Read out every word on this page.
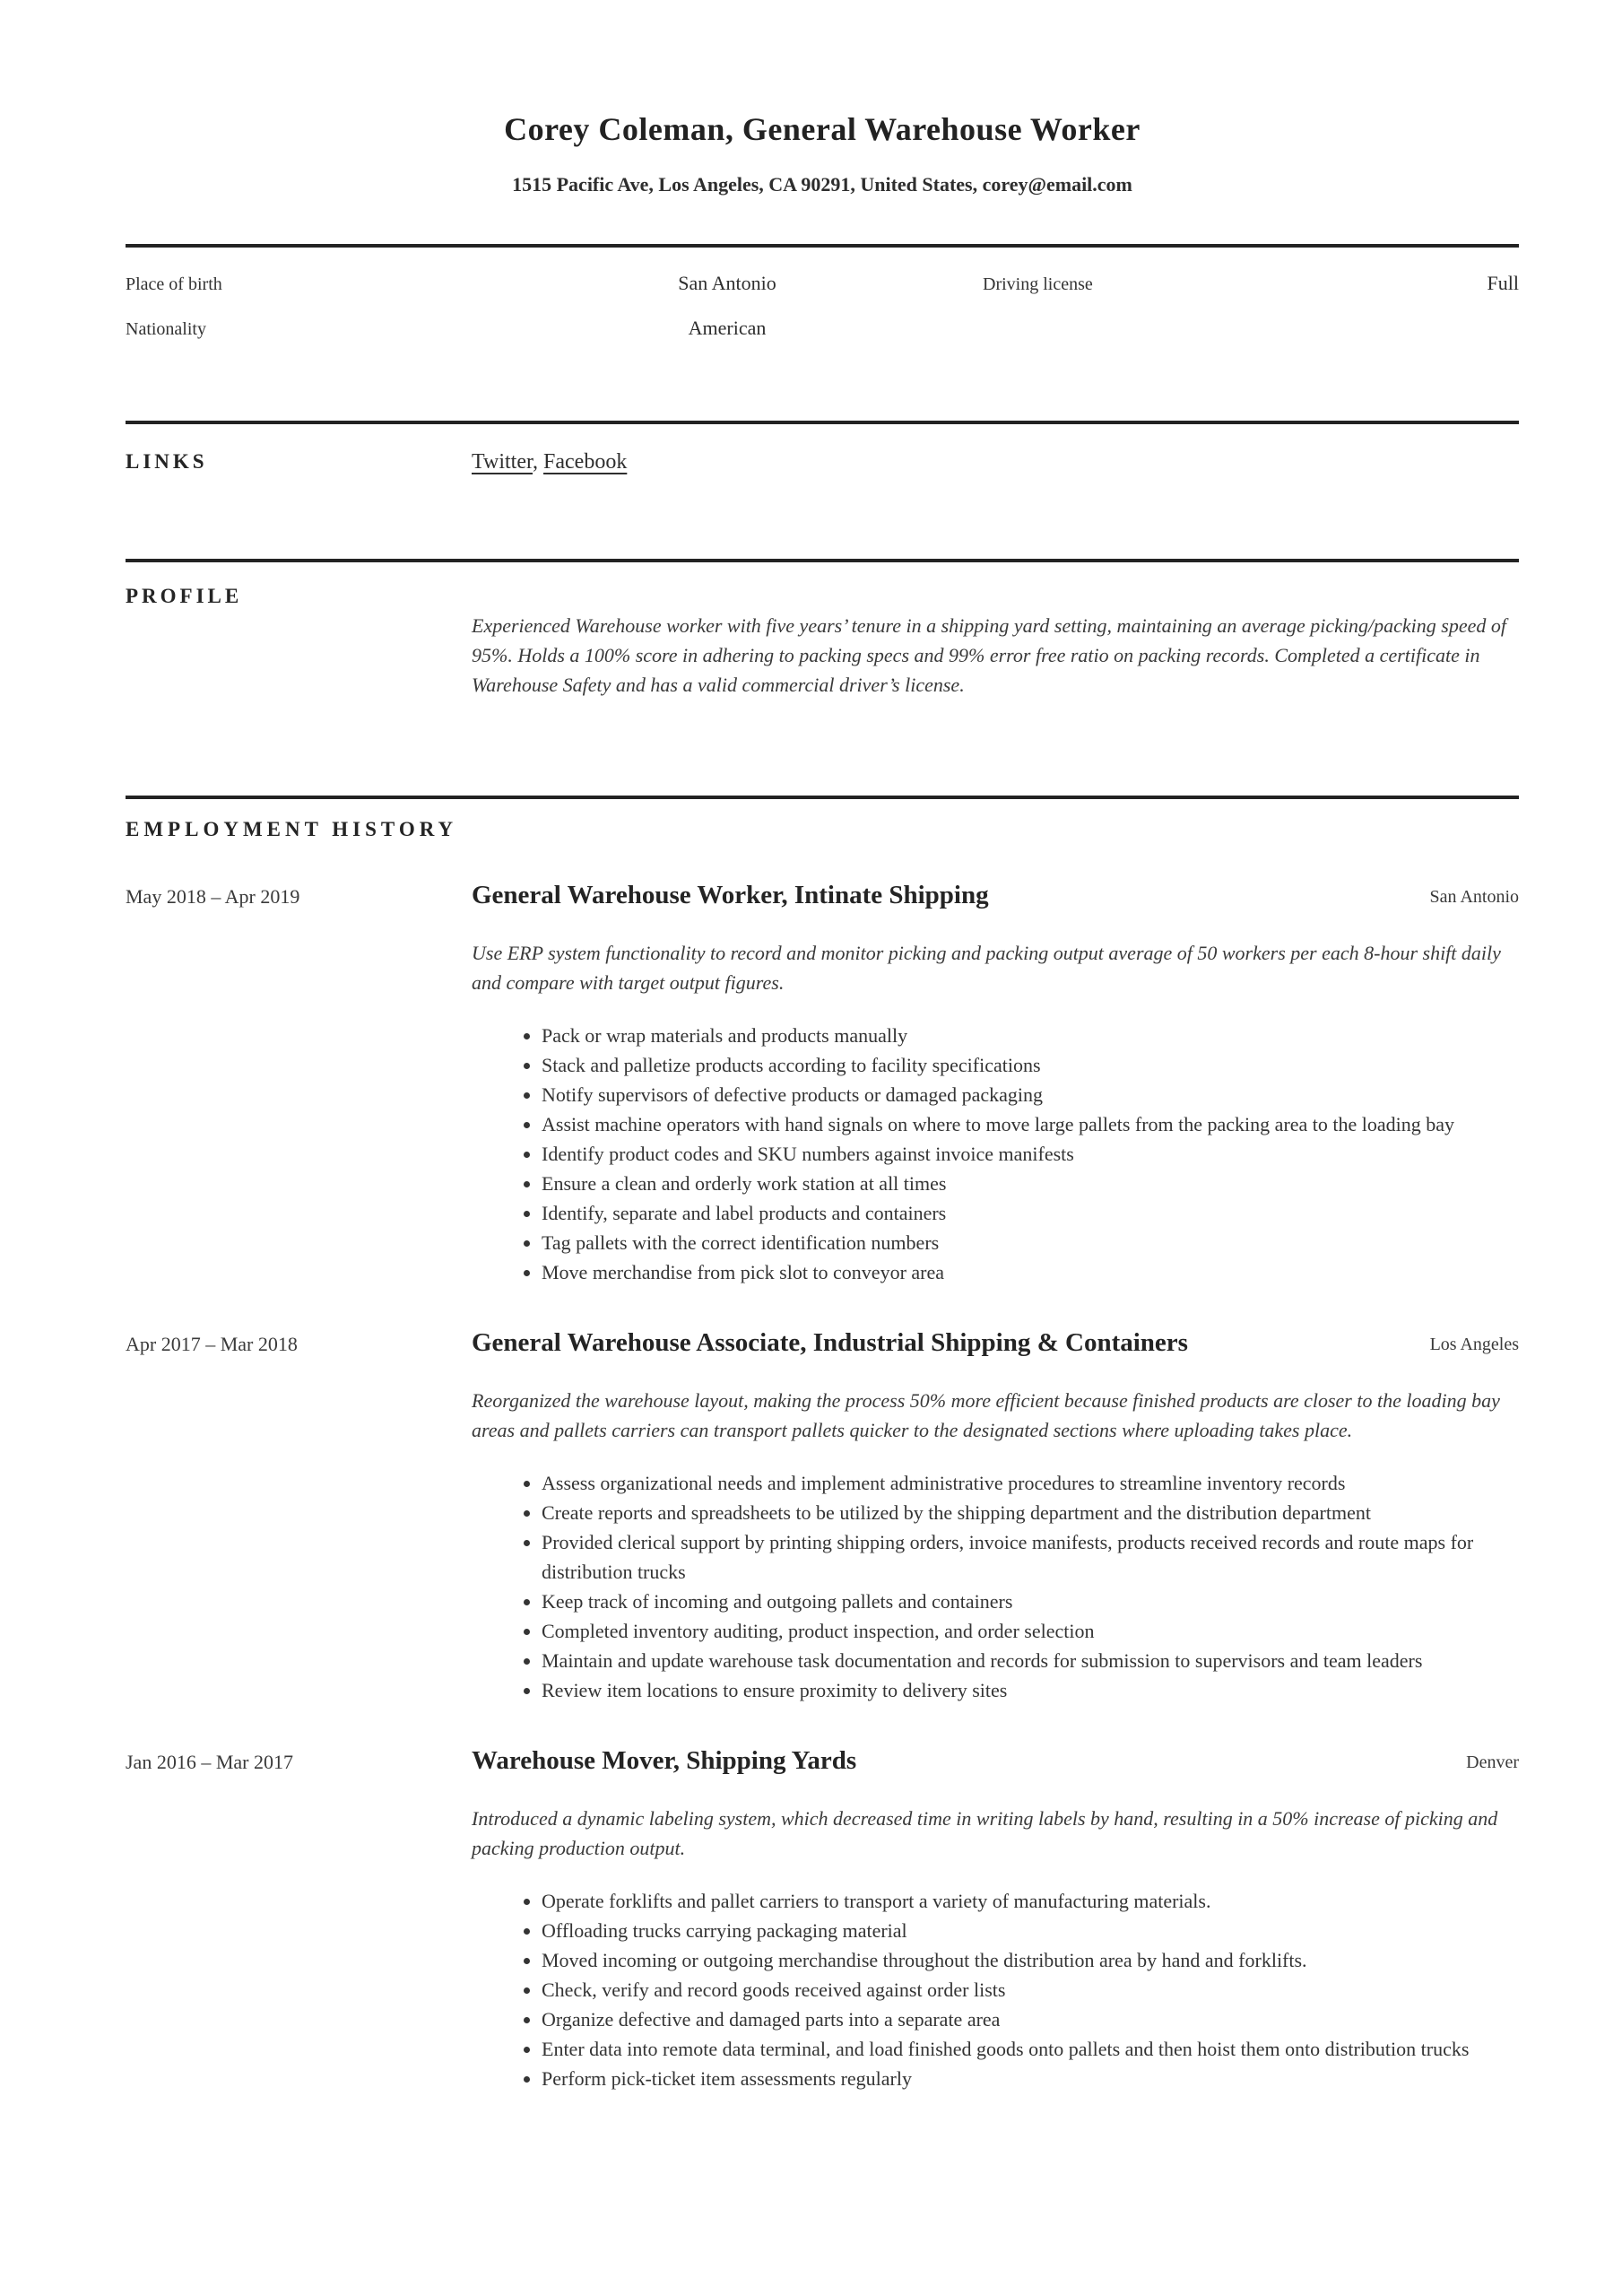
Corey Coleman, General Warehouse Worker
1515 Pacific Ave, Los Angeles, CA 90291, United States, corey@email.com
Place of birth	San Antonio	Driving license	Full
Nationality	American
LINKS	Twitter, Facebook
PROFILE
Experienced Warehouse worker with five years’ tenure in a shipping yard setting, maintaining an average picking/packing speed of 95%. Holds a 100% score in adhering to packing specs and 99% error free ratio on packing records. Completed a certificate in Warehouse Safety and has a valid commercial driver’s license.
EMPLOYMENT HISTORY
May 2018 – Apr 2019	General Warehouse Worker, Intinate Shipping	San Antonio

Use ERP system functionality to record and monitor picking and packing output average of 50 workers per each 8-hour shift daily and compare with target output figures.

• Pack or wrap materials and products manually
• Stack and palletize products according to facility specifications
• Notify supervisors of defective products or damaged packaging
• Assist machine operators with hand signals on where to move large pallets from the packing area to the loading bay
• Identify product codes and SKU numbers against invoice manifests
• Ensure a clean and orderly work station at all times
• Identify, separate and label products and containers
• Tag pallets with the correct identification numbers
• Move merchandise from pick slot to conveyor area
Apr 2017 – Mar 2018	General Warehouse Associate, Industrial Shipping & Containers	Los Angeles

Reorganized the warehouse layout, making the process 50% more efficient because finished products are closer to the loading bay areas and pallets carriers can transport pallets quicker to the designated sections where uploading takes place.

• Assess organizational needs and implement administrative procedures to streamline inventory records
• Create reports and spreadsheets to be utilized by the shipping department and the distribution department
• Provided clerical support by printing shipping orders, invoice manifests, products received records and route maps for distribution trucks
• Keep track of incoming and outgoing pallets and containers
• Completed inventory auditing, product inspection, and order selection
• Maintain and update warehouse task documentation and records for submission to supervisors and team leaders
• Review item locations to ensure proximity to delivery sites
Jan 2016 – Mar 2017	Warehouse Mover, Shipping Yards	Denver

Introduced a dynamic labeling system, which decreased time in writing labels by hand, resulting in a 50% increase of picking and packing production output.

• Operate forklifts and pallet carriers to transport a variety of manufacturing materials.
• Offloading trucks carrying packaging material
• Moved incoming or outgoing merchandise throughout the distribution area by hand and forklifts.
• Check, verify and record goods received against order lists
• Organize defective and damaged parts into a separate area
• Enter data into remote data terminal, and load finished goods onto pallets and then hoist them onto distribution trucks
• Perform pick-ticket item assessments regularly
